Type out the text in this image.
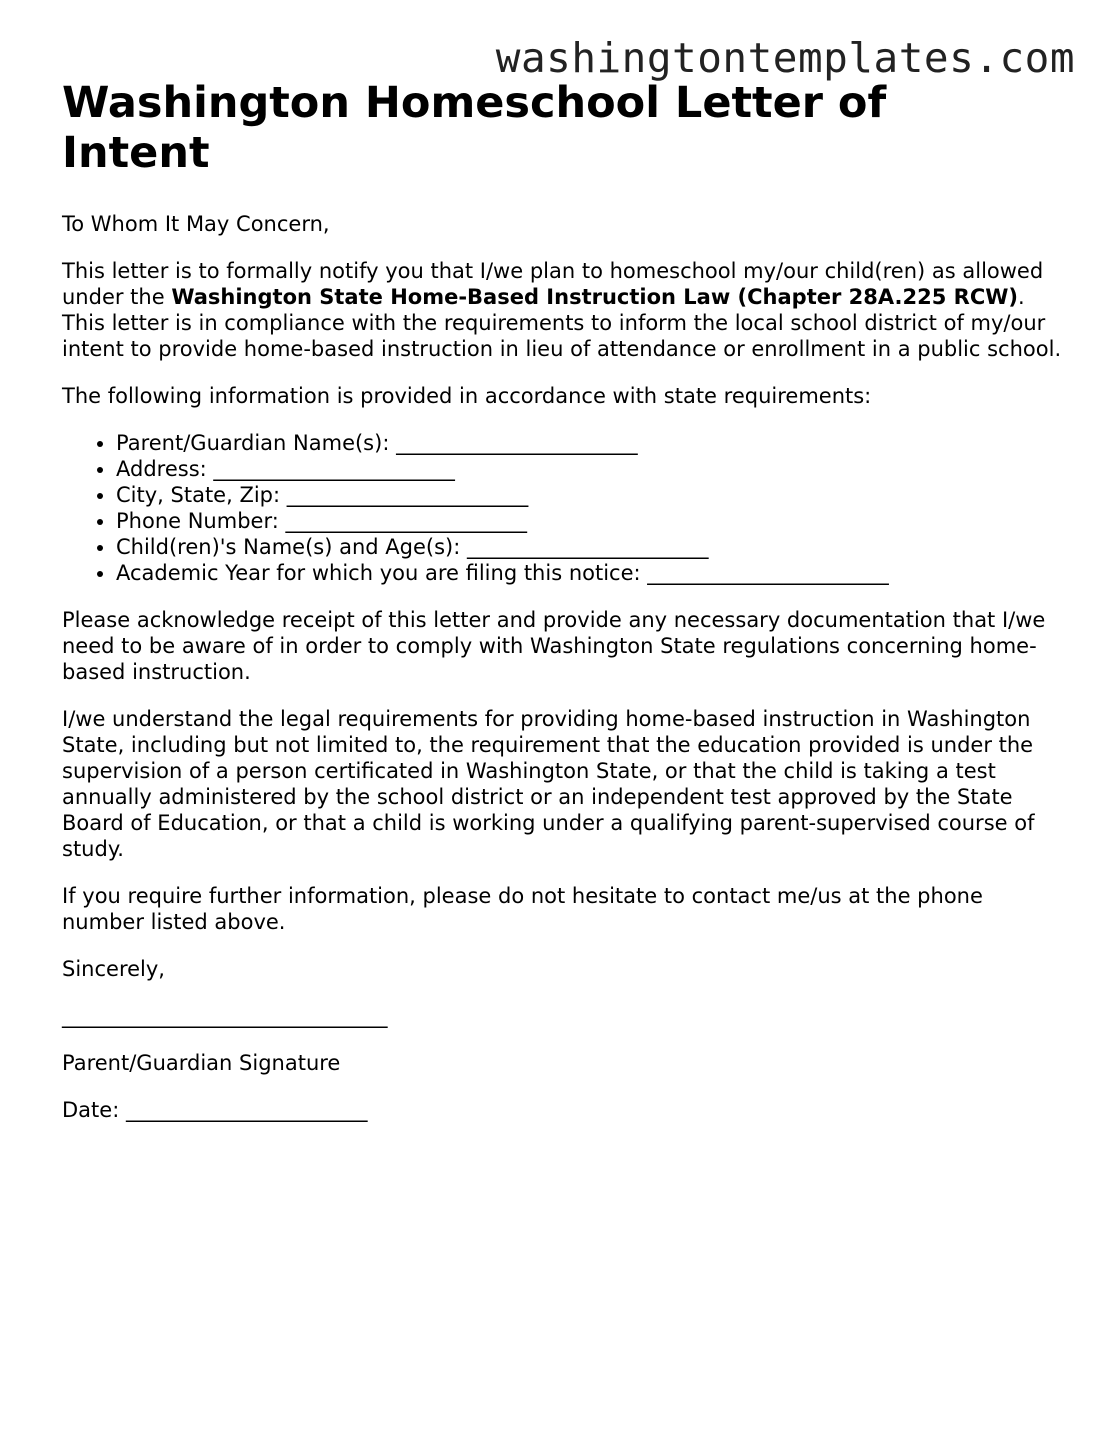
washingtontemplates.com
Washington Homeschool Letter of Intent

To Whom It May Concern,

This letter is to formally notify you that I/we plan to homeschool my/our child(ren) as allowed under the Washington State Home-Based Instruction Law (Chapter 28A.225 RCW). This letter is in compliance with the requirements to inform the local school district of my/our intent to provide home-based instruction in lieu of attendance or enrollment in a public school.

The following information is provided in accordance with state requirements:

• Parent/Guardian Name(s): _______________________
• Address: _______________________
• City, State, Zip: _______________________
• Phone Number: _______________________
• Child(ren)'s Name(s) and Age(s): _______________________
• Academic Year for which you are filing this notice: _______________________

Please acknowledge receipt of this letter and provide any necessary documentation that I/we need to be aware of in order to comply with Washington State regulations concerning home-based instruction.

I/we understand the legal requirements for providing home-based instruction in Washington State, including but not limited to, the requirement that the education provided is under the supervision of a person certificated in Washington State, or that the child is taking a test annually administered by the school district or an independent test approved by the State Board of Education, or that a child is working under a qualifying parent-supervised course of study.

If you require further information, please do not hesitate to contact me/us at the phone number listed above.

Sincerely,

_______________________________

Parent/Guardian Signature

Date: _______________________
